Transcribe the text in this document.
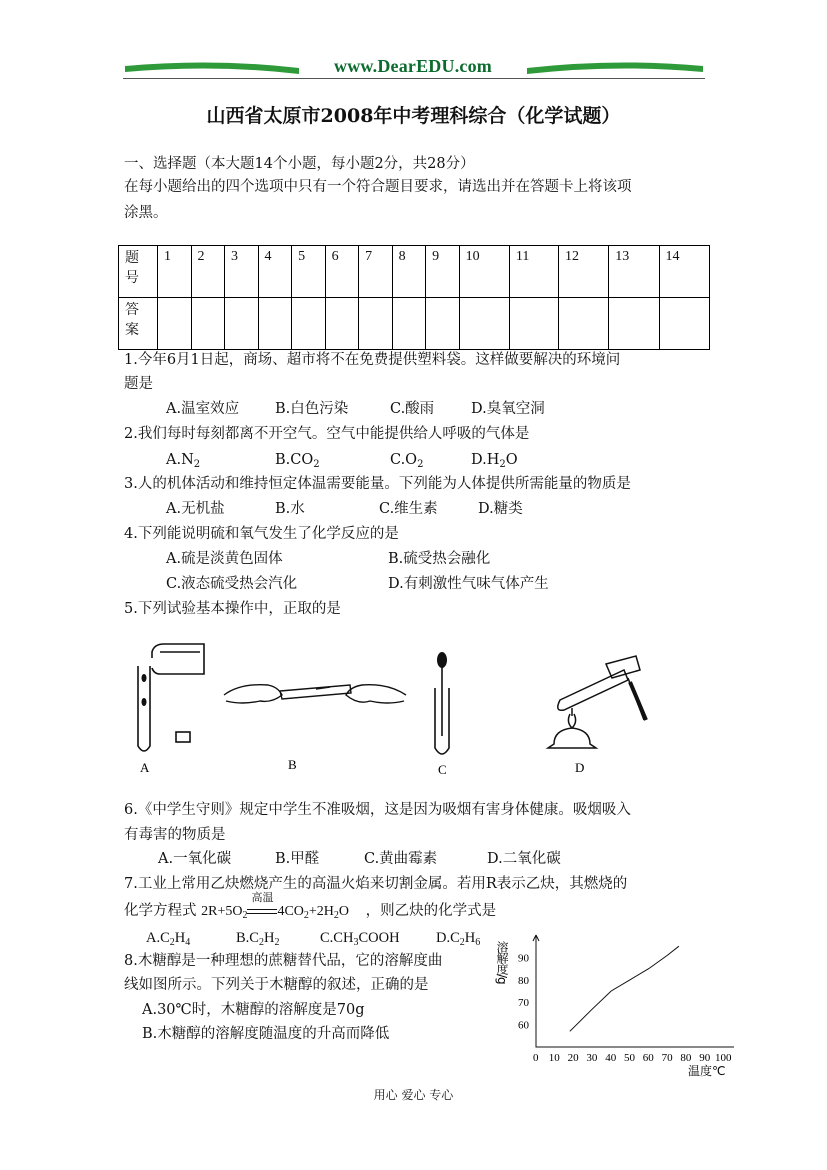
www.DearEDU.com
山西省太原市2008年中考理科综合（化学试题）
一、选择题（本大题14个小题，每小题2分，共28分）
在每小题给出的四个选项中只有一个符合题目要求，请选出并在答题卡上将该项
涂黑。
题
号	1	2	3	4	5	6	7	8	9	10	11	12	13	14
答
案														
1.今年6月1日起，商场、超市将不在免费提供塑料袋。这样做要解决的环境问
题是
A.温室效应 B.白色污染	C.酸雨	D.臭氧空洞
2.我们每时每刻都离不开空气。空气中能提供给人呼吸的气体是
$A.N_2$	$B.CO_2$	$C.O_2$	$D.H_2O$
3.人的机体活动和维持恒定体温需要能量。下列能为人体提供所需能量的物质是
A.无机盐	B.水	C.维生素	D.糖类
4.下列能说明硫和氧气发生了化学反应的是
A.硫是淡黄色固体	B.硫受热会融化
C.液态硫受热会汽化	D.有刺激性气味气体产生
5.下列试验基本操作中，正取的是
A	B	C	D
6.《中学生守则》规定中学生不准吸烟，这是因为吸烟有害身体健康。吸烟吸入
有毒害的物质是
A.一氧化碳	B.甲醛	C.黄曲霉素	D.二氧化碳
7.工业上常用乙炔燃烧产生的高温火焰来切割金属。若用R表示乙炔，其燃烧的
化学方程式 $2R+5O_2$
高温
$4CO_2+2H_2O$ ，则乙炔的化学式是
$A.C_2H_4$	$B.C_2H_2$	$C.CH_3COOH$	$D.C_2H_6$
8.木糖醇是一种理想的蔗糖替代品，它的溶解度曲
线如图所示。下列关于木糖醇的叙述，正确的是
A.30℃时，木糖醇的溶解度是70g
B.木糖醇的溶解度随温度的升高而降低
溶解度/g
温度℃
0 10 20 30 40 50 60 70 80 90 100
60
70
80
90
用心 爱心 专心
